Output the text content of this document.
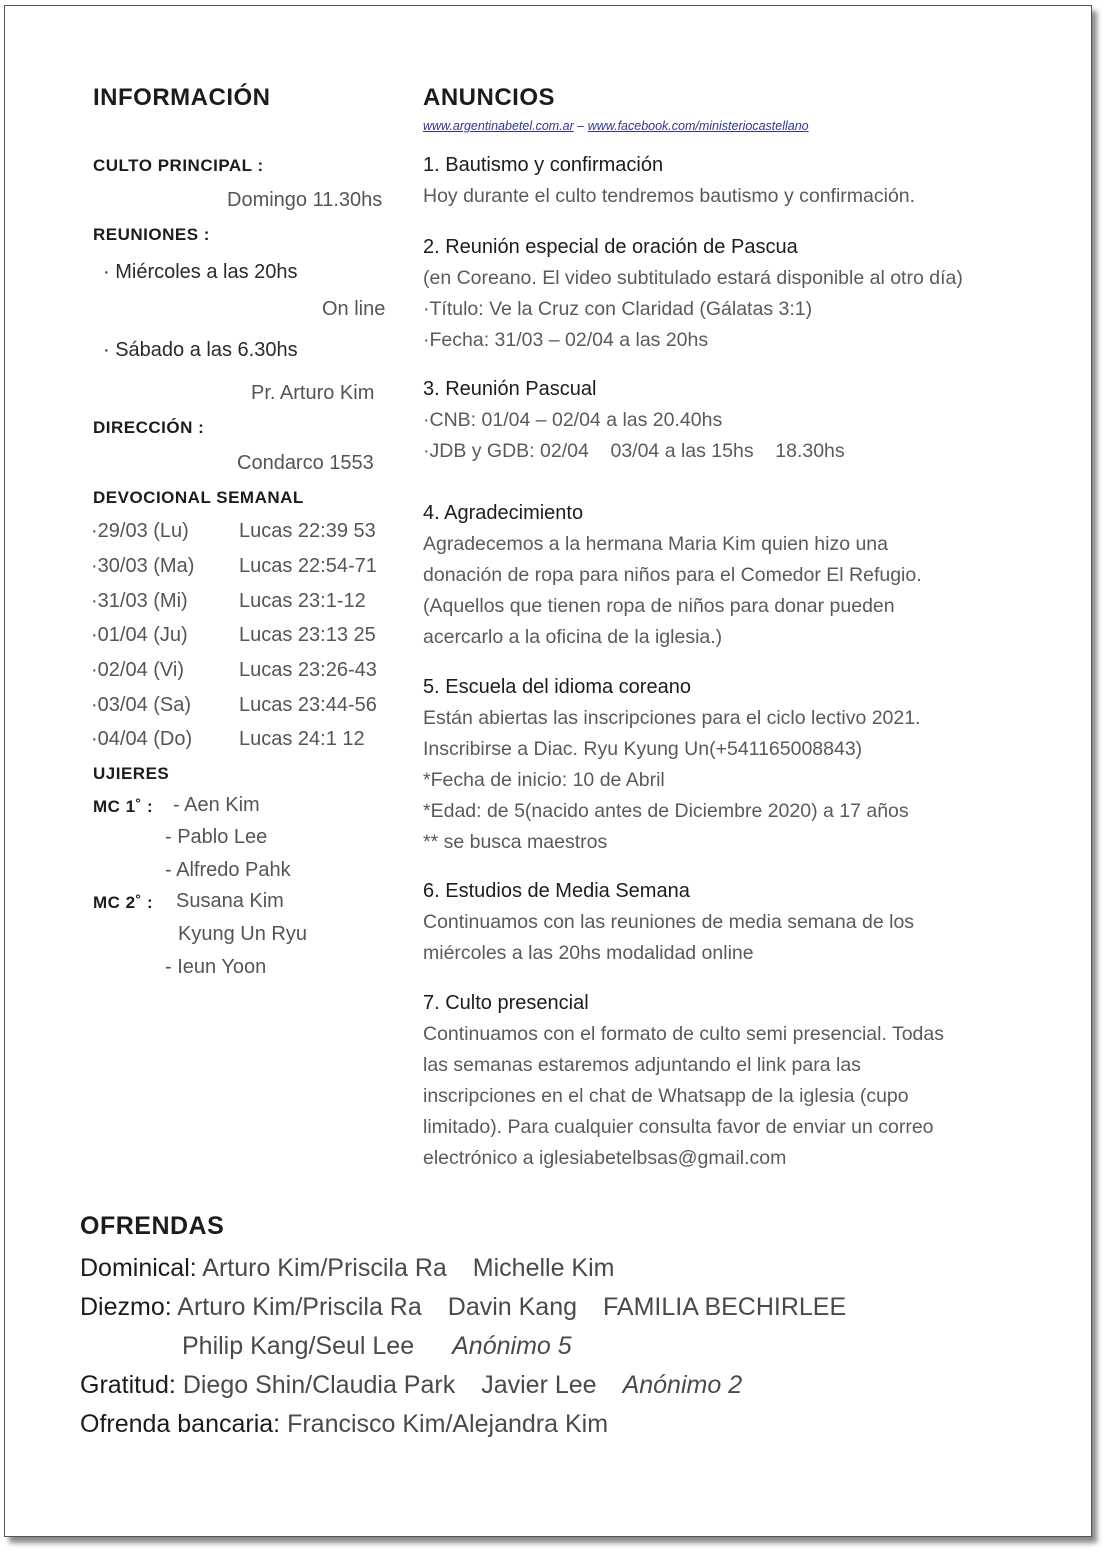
INFORMACIÓN
CULTO PRINCIPAL :
Domingo 11.30hs
REUNIONES :
· Miércoles a las 20hs
On line
· Sábado a las 6.30hs
Pr. Arturo Kim
DIRECCIÓN :
Condarco 1553
DEVOCIONAL SEMANAL
·29/03 (Lu)	Lucas 22:39 53
·30/03 (Ma) Lucas 22:54-71
·31/03 (Mi)	Lucas 23:1-12
·01/04 (Ju)	Lucas 23:13 25
·02/04 (Vi)	Lucas 23:26-43
·03/04 (Sa) Lucas 23:44-56
·04/04 (Do) Lucas 24:1 12
UJIERES
MC 1˚ : - Aen Kim
- Pablo Lee
- Alfredo Pahk
MC 2˚ : Susana Kim
Kyung Un Ryu
- Ieun Yoon
ANUNCIOS
www.argentinabetel.com.ar – www.facebook.com/ministeriocastellano
1. Bautismo y confirmación
Hoy durante el culto tendremos bautismo y confirmación.
2. Reunión especial de oración de Pascua
(en Coreano. El video subtitulado estará disponible al otro día)
·Título: Ve la Cruz con Claridad (Gálatas 3:1)
·Fecha: 31/03 – 02/04 a las 20hs
3. Reunión Pascual
·CNB: 01/04 – 02/04 a las 20.40hs
·JDB y GDB: 02/04    03/04 a las 15hs    18.30hs
4. Agradecimiento
Agradecemos a la hermana Maria Kim quien hizo una
donación de ropa para niños para el Comedor El Refugio.
(Aquellos que tienen ropa de niños para donar pueden
acercarlo a la oficina de la iglesia.)
5. Escuela del idioma coreano
Están abiertas las inscripciones para el ciclo lectivo 2021.
Inscribirse a Diac. Ryu Kyung Un(+541165008843)
*Fecha de inicio: 10 de Abril
*Edad: de 5(nacido antes de Diciembre 2020) a 17 años
** se busca maestros
6. Estudios de Media Semana
Continuamos con las reuniones de media semana de los
miércoles a las 20hs modalidad online
7. Culto presencial
Continuamos con el formato de culto semi presencial. Todas
las semanas estaremos adjuntando el link para las
inscripciones en el chat de Whatsapp de la iglesia (cupo
limitado). Para cualquier consulta favor de enviar un correo
electrónico a iglesiabetelbsas@gmail.com
OFRENDAS
Dominical: Arturo Kim/Priscila Ra Michelle Kim
Diezmo: Arturo Kim/Priscila Ra Davin Kang FAMILIA BECHIRLEE
Philip Kang/Seul Lee Anónimo 5
Gratitud: Diego Shin/Claudia Park Javier Lee Anónimo 2
Ofrenda bancaria: Francisco Kim/Alejandra Kim
